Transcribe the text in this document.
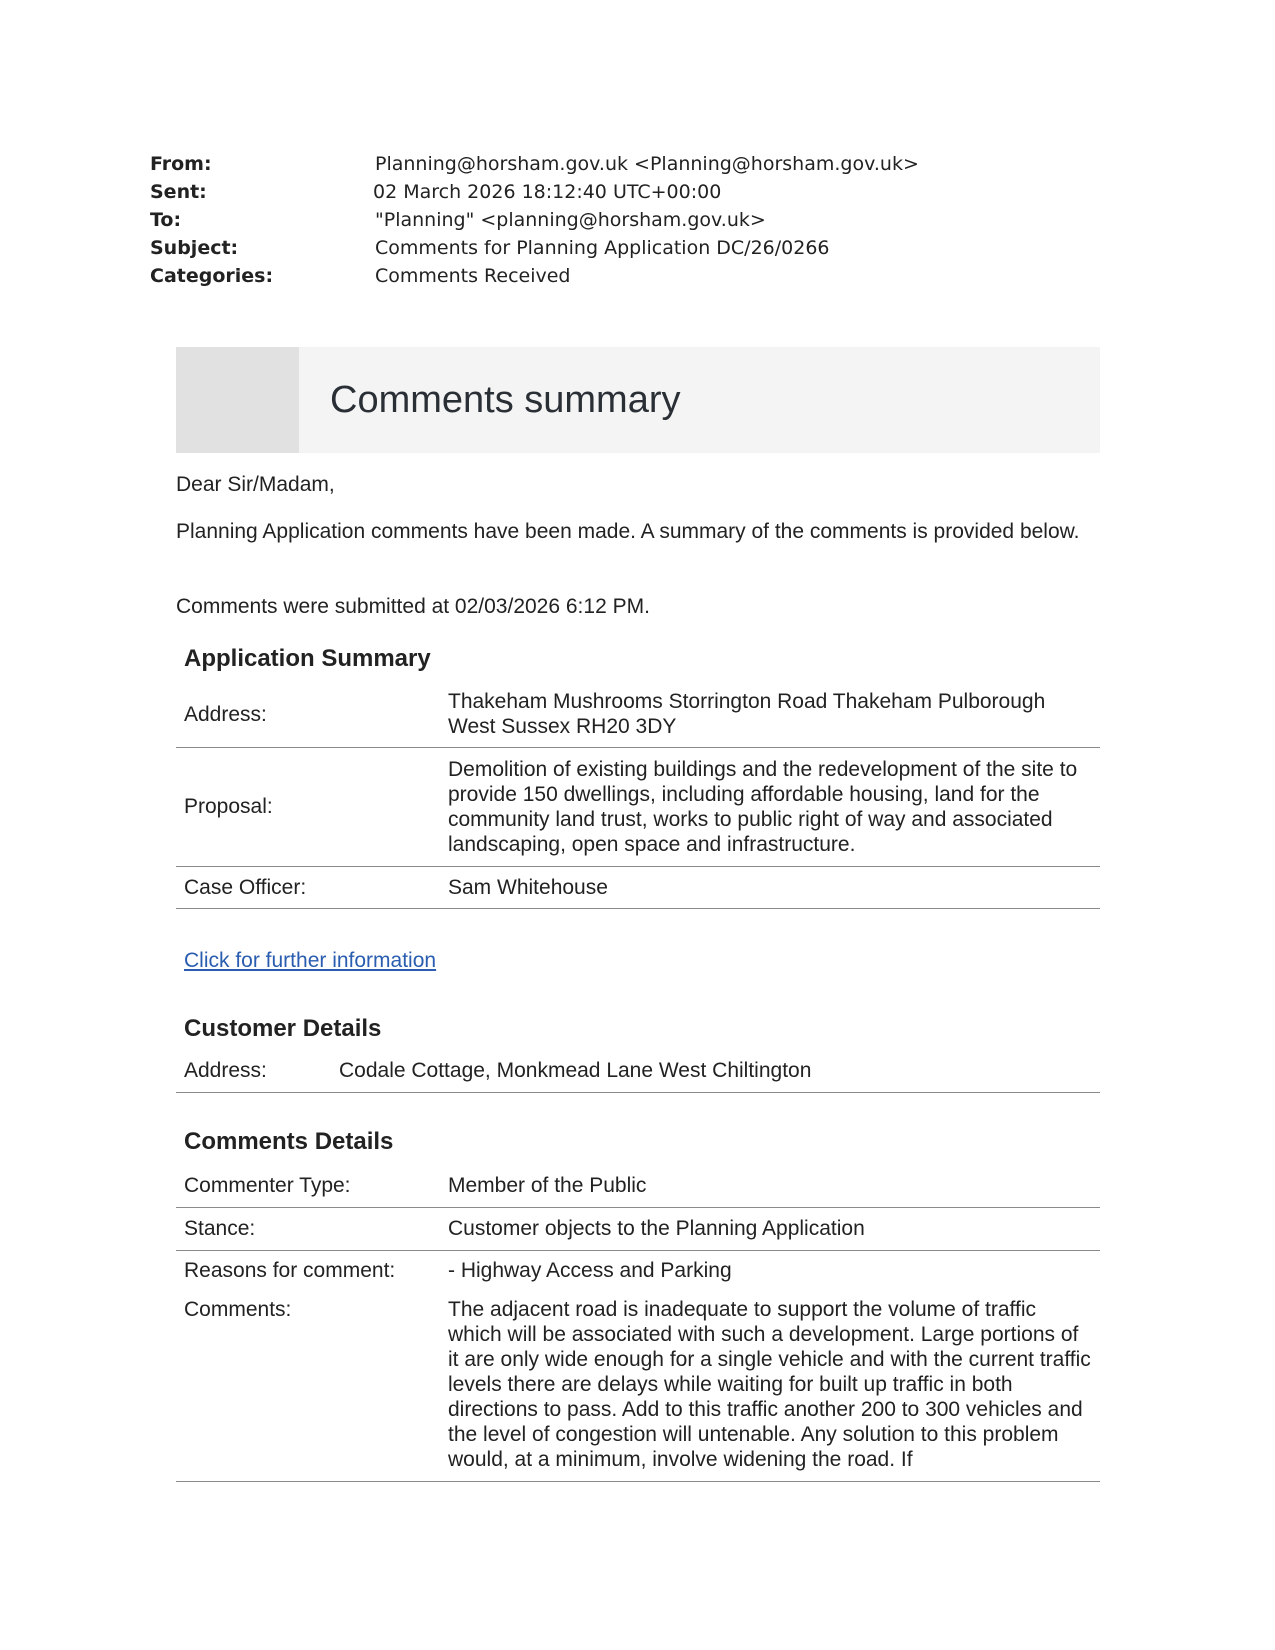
From:	Planning@horsham.gov.uk <Planning@horsham.gov.uk>
Sent:	02 March 2026 18:12:40 UTC+00:00
To:	"Planning" <planning@horsham.gov.uk>
Subject:	Comments for Planning Application DC/26/0266
Categories:	Comments Received
Comments summary

Dear Sir/Madam,

Planning Application comments have been made. A summary of the comments is provided below.

Comments were submitted at 02/03/2026 6:12 PM.

Application Summary
Address:	Thakeham Mushrooms Storrington Road Thakeham Pulborough West Sussex RH20 3DY
Proposal:	Demolition of existing buildings and the redevelopment of the site to provide 150 dwellings, including affordable housing, land for the community land trust, works to public right of way and associated landscaping, open space and infrastructure.
Case Officer:	Sam Whitehouse
Click for further information
Customer Details
Address:	Codale Cottage, Monkmead Lane West Chiltington
Comments Details
Commenter Type:	Member of the Public
Stance:	Customer objects to the Planning Application
Reasons for comment:	- Highway Access and Parking
Comments:	The adjacent road is inadequate to support the volume of traffic which will be associated with such a development. Large portions of it are only wide enough for a single vehicle and with the current traffic levels there are delays while waiting for built up traffic in both directions to pass. Add to this traffic another 200 to 300 vehicles and the level of congestion will untenable. Any solution to this problem would, at a minimum, involve widening the road. If
